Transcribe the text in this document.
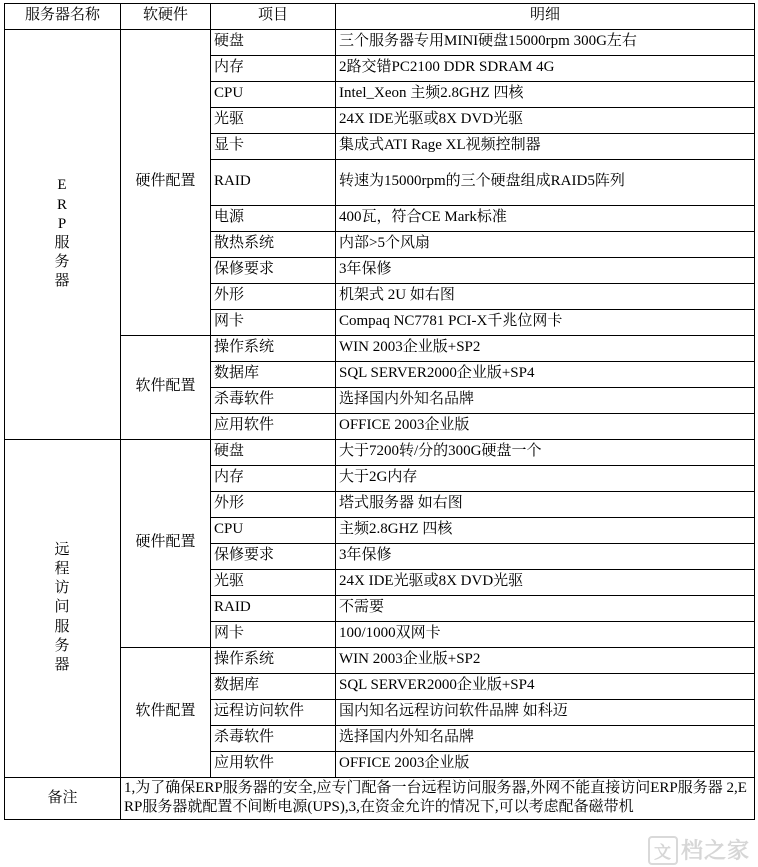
服务器名称	软硬件	项目	明细
ERP服务器	硬件配置	硬盘	三个服务器专用MINI硬盘15000rpm 300G左右
		内存	2路交错PC2100 DDR SDRAM 4G
		CPU	Intel_Xeon 主频2.8GHZ 四核
		光驱	24X IDE光驱或8X DVD光驱
		显卡	集成式ATI Rage XL视频控制器
		RAID	转速为15000rpm的三个硬盘组成RAID5阵列
		电源	400瓦，符合CE Mark标准
		散热系统	内部>5个风扇
		保修要求	3年保修
		外形	机架式 2U 如右图
		网卡	Compaq NC7781 PCI-X千兆位网卡
	软件配置	操作系统	WIN 2003企业版+SP2
		数据库	SQL SERVER2000企业版+SP4
		杀毒软件	选择国内外知名品牌
		应用软件	OFFICE 2003企业版
远程访问服务器	硬件配置	硬盘	大于7200转/分的300G硬盘一个
		内存	大于2G内存
		外形	塔式服务器 如右图
		CPU	主频2.8GHZ 四核
		保修要求	3年保修
		光驱	24X IDE光驱或8X DVD光驱
		RAID	不需要
		网卡	100/1000双网卡
	软件配置	操作系统	WIN 2003企业版+SP2
		数据库	SQL SERVER2000企业版+SP4
		远程访问软件	国内知名远程访问软件品牌 如科迈
		杀毒软件	选择国内外知名品牌
		应用软件	OFFICE 2003企业版
备注	1,为了确保ERP服务器的安全,应专门配备一台远程访问服务器,外网不能直接访问ERP服务器 2,ERP服务器就配置不间断电源(UPS),3,在资金允许的情况下,可以考虑配备磁带机		
文 档之家
